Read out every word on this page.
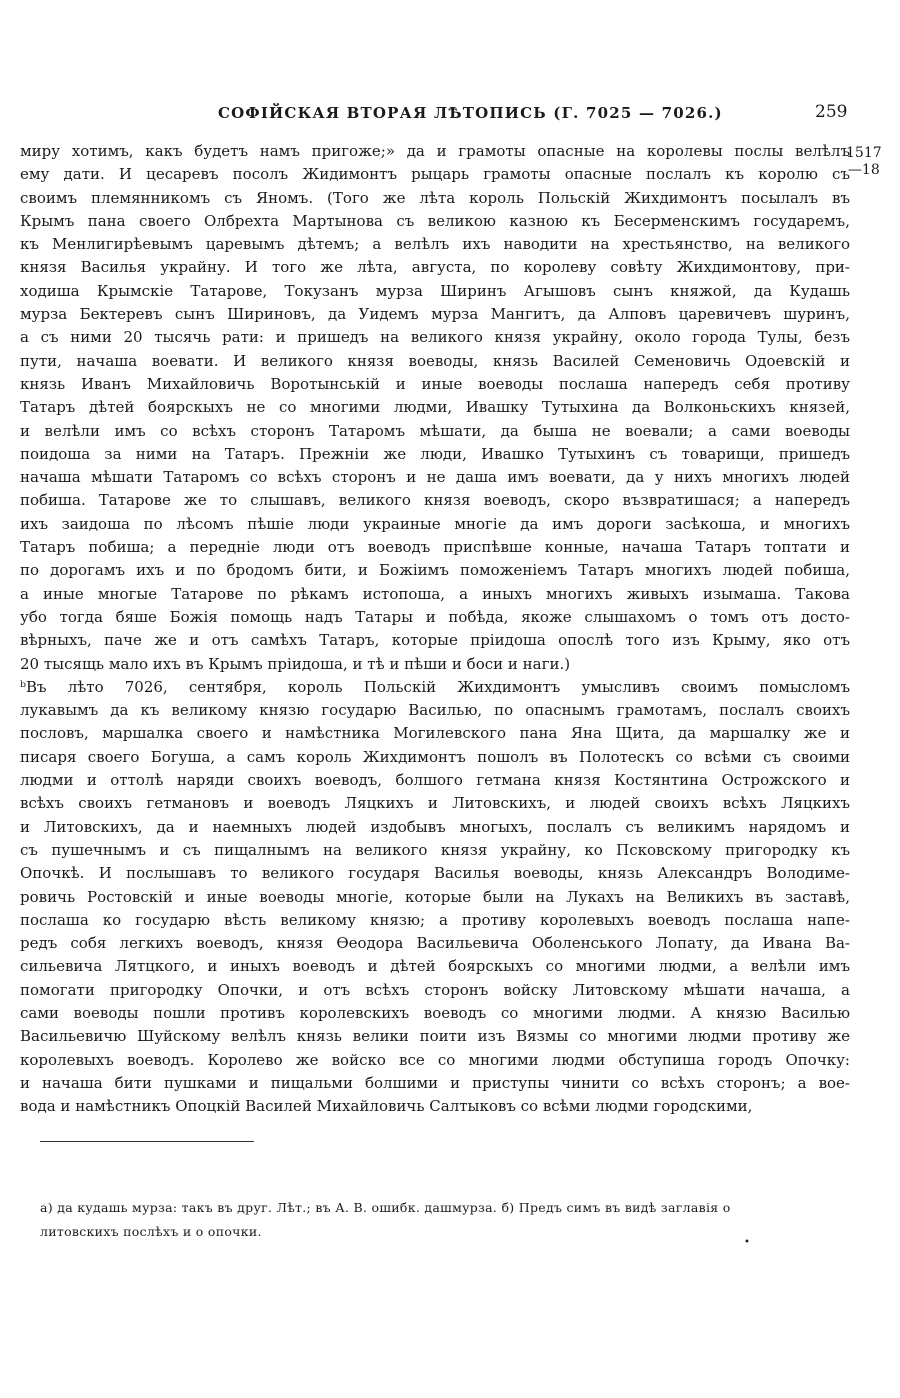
СОФІЙСКАЯ ВТОРАЯ ЛѢТОПИСЬ (Г. 7025 — 7026.)	259
1517
—18
миру хотимъ, какъ будетъ намъ пригоже;» да и грамоты опасные на королевы послы велѣлъ
ему дати. И цесаревъ посолъ Жидимонтъ рыцарь грамоты опасные послалъ къ королю съ
своимъ племянникомъ съ Яномъ. (Того же лѣта король Польскій Жихдимонтъ посылалъ въ
Крымъ пана своего Олбрехта Мартынова съ великою казною къ Бесерменскимъ государемъ,
къ Менлигирѣевымъ царевымъ дѣтемъ; а велѣлъ ихъ наводити на хрестьянство, на великого
князя Василья украйну. И того же лѣта, августа, по королеву совѣту Жихдимонтову, при-
ходиша Крымскіе Татарове, Токузанъ мурза Ширинъ Агышовъ сынъ княжой, да Кудашь
мурза Бектеревъ сынъ Шириновъ, да Уидемъ мурза Мангитъ, да Алповъ царевичевъ шуринъ,
а съ ними 20 тысячь рати: и пришедъ на великого князя украйну, около города Тулы, безъ
пути, начаша воевати. И великого князя воеводы, князь Василей Семеновичь Одоевскій и
князь Иванъ Михайловичь Воротынській и иные воеводы послаша напередъ себя противу
Татаръ дѣтей боярскыхъ не со многими людми, Ивашку Тутыхина да Волконьскихъ князей,
и велѣли имъ со всѣхъ сторонъ Татаромъ мѣшати, да быша не воевали; а сами воеводы
поидоша за ними на Татаръ. Прежніи же люди, Ивашко Тутыхинъ съ товарищи, пришедъ
начаша мѣшати Татаромъ со всѣхъ сторонъ и не даша имъ воевати, да у нихъ многихъ людей
побиша. Татарове же то слышавъ, великого князя воеводъ, скоро възвратишася; а напередъ
ихъ заидоша по лѣсомъ пѣшіе люди украиные многіе да имъ дороги засѣкоша, и многихъ
Татаръ побиша; а передніе люди отъ воеводъ приспѣвше конные, начаша Татаръ топтати и
по дорогамъ ихъ и по бродомъ бити, и Божіимъ поможеніемъ Татаръ многихъ людей побиша,
а иные многые Татарове по рѣкамъ истопоша, а иныхъ многихъ живыхъ изымаша. Такова
убо тогда бяше Божія помощь надъ Татары и побѣда, якоже слышахомъ о томъ отъ досто-
вѣрныхъ, паче же и отъ самѣхъ Татаръ, которые пріидоша опослѣ того изъ Крыму, яко отъ
20 тысящь мало ихъ въ Крымъ пріидоша, и тѣ и пѣши и боси и наги.)
ᵇВъ лѣто 7026, сентября, король Польскій Жихдимонтъ умысливъ своимъ помысломъ
лукавымъ да къ великому князю государю Василью, по опаснымъ грамотамъ, послалъ своихъ
пословъ, маршалка своего и намѣстника Могилевского пана Яна Щита, да маршалку же и
писаря своего Богуша, а самъ король Жихдимонтъ пошолъ въ Полотескъ со всѣми съ своими
людми и оттолѣ наряди своихъ воеводъ, болшого гетмана князя Костянтина Острожского и
всѣхъ своихъ гетмановъ и воеводъ Ляцкихъ и Литовскихъ, и людей своихъ всѣхъ Ляцкихъ
и Литовскихъ, да и наемныхъ людей издобывъ многыхъ, послалъ съ великимъ нарядомъ и
съ пушечнымъ и съ пищалнымъ на великого князя украйну, ко Псковскому пригородку къ
Опочкѣ. И послышавъ то великого государя Василья воеводы, князь Александръ Володиме-
ровичь Ростовскій и иные воеводы многіе, которые были на Лукахъ на Великихъ въ заставѣ,
послаша ко государю вѣсть великому князю; а противу королевыхъ воеводъ послаша напе-
редъ собя легкихъ воеводъ, князя Өеодора Васильевича Оболенського Лопату, да Ивана Ва-
сильевича Лятцкого, и иныхъ воеводъ и дѣтей боярскыхъ со многими людми, а велѣли имъ
помогати пригородку Опочки, и отъ всѣхъ сторонъ войску Литовскому мѣшати начаша, а
сами воеводы пошли противъ королевскихъ воеводъ со многими людми. А князю Василью
Васильевичю Шуйскому велѣлъ князь велики поити изъ Вязмы со многими людми противу же
королевыхъ воеводъ. Королево же войско все со многими людми обступиша городъ Опочку:
и начаша бити пушками и пищальми болшими и приступы чинити со всѣхъ сторонъ; а вое-
вода и намѣстникъ Опоцкій Василей Михайловичь Салтыковъ со всѣми людми городскими,
а) да кудашь мурза: такъ въ друг. Лѣт.; въ А. В. ошибк. дашмурза. б) Предъ симъ въ видѣ заглавія о
литовскихъ послѣхъ и о опочки.
•
